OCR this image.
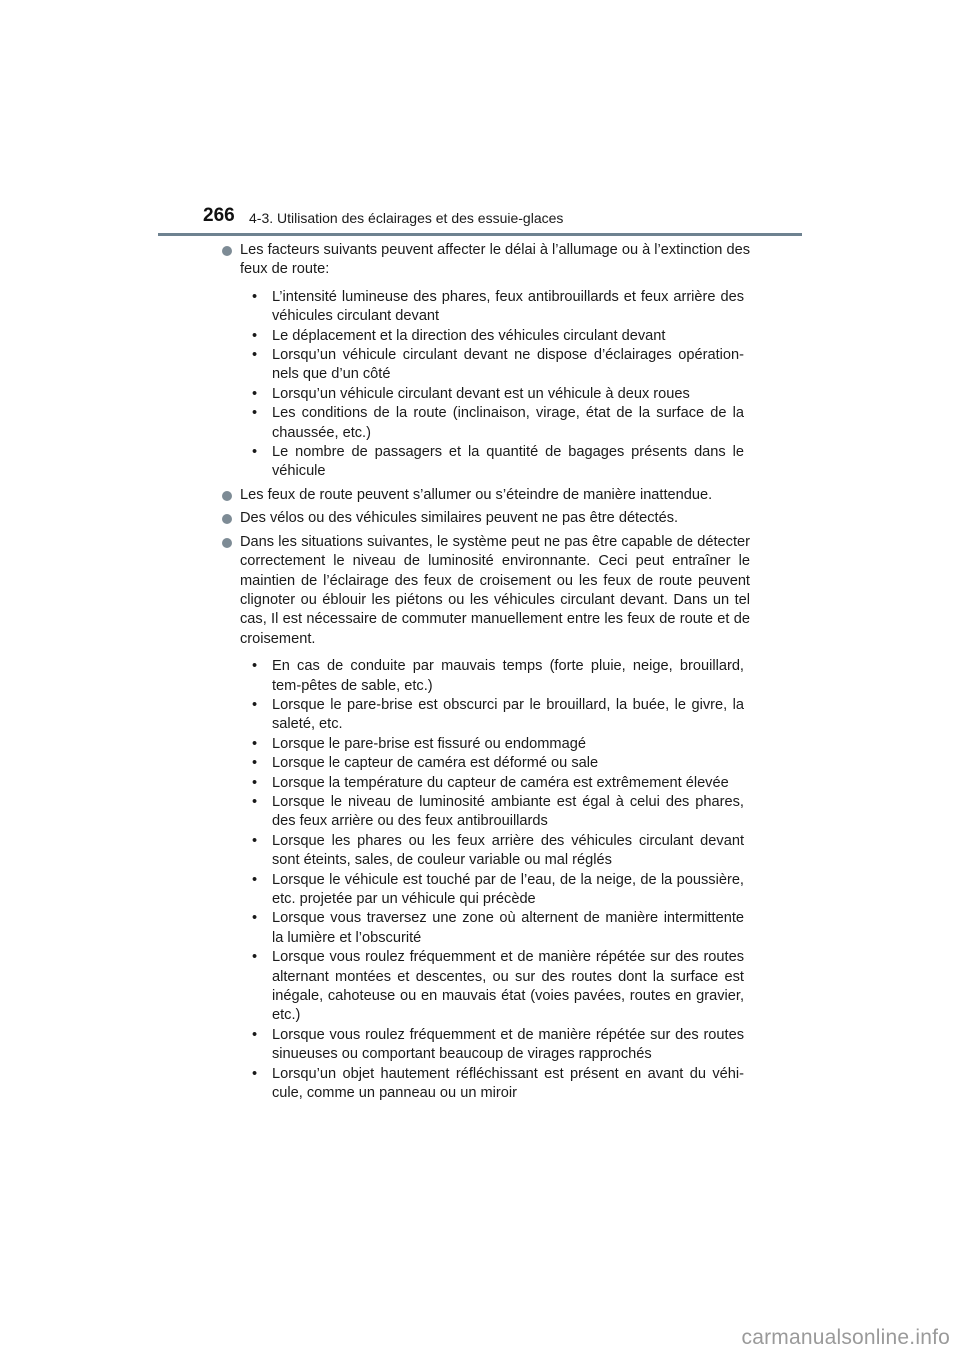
266 4-3. Utilisation des éclairages et des essuie-glaces
Les facteurs suivants peuvent affecter le délai à l’allumage ou à l’extinction des feux de route:
• L’intensité lumineuse des phares, feux antibrouillards et feux arrière des véhicules circulant devant
• Le déplacement et la direction des véhicules circulant devant
• Lorsqu’un véhicule circulant devant ne dispose d’éclairages opération-nels que d’un côté
• Lorsqu’un véhicule circulant devant est un véhicule à deux roues
• Les conditions de la route (inclinaison, virage, état de la surface de la chaussée, etc.)
• Le nombre de passagers et la quantité de bagages présents dans le véhicule
Les feux de route peuvent s’allumer ou s’éteindre de manière inattendue.
Des vélos ou des véhicules similaires peuvent ne pas être détectés.
Dans les situations suivantes, le système peut ne pas être capable de détecter correctement le niveau de luminosité environnante. Ceci peut entraîner le maintien de l’éclairage des feux de croisement ou les feux de route peuvent clignoter ou éblouir les piétons ou les véhicules circulant devant. Dans un tel cas, Il est nécessaire de commuter manuellement entre les feux de route et de croisement.
• En cas de conduite par mauvais temps (forte pluie, neige, brouillard, tem-pêtes de sable, etc.)
• Lorsque le pare-brise est obscurci par le brouillard, la buée, le givre, la saleté, etc.
• Lorsque le pare-brise est fissuré ou endommagé
• Lorsque le capteur de caméra est déformé ou sale
• Lorsque la température du capteur de caméra est extrêmement élevée
• Lorsque le niveau de luminosité ambiante est égal à celui des phares, des feux arrière ou des feux antibrouillards
• Lorsque les phares ou les feux arrière des véhicules circulant devant sont éteints, sales, de couleur variable ou mal réglés
• Lorsque le véhicule est touché par de l’eau, de la neige, de la poussière, etc. projetée par un véhicule qui précède
• Lorsque vous traversez une zone où alternent de manière intermittente la lumière et l’obscurité
• Lorsque vous roulez fréquemment et de manière répétée sur des routes alternant montées et descentes, ou sur des routes dont la surface est inégale, cahoteuse ou en mauvais état (voies pavées, routes en gravier, etc.)
• Lorsque vous roulez fréquemment et de manière répétée sur des routes sinueuses ou comportant beaucoup de virages rapprochés
• Lorsqu’un objet hautement réfléchissant est présent en avant du véhi-cule, comme un panneau ou un miroir
carmanualsonline.info
